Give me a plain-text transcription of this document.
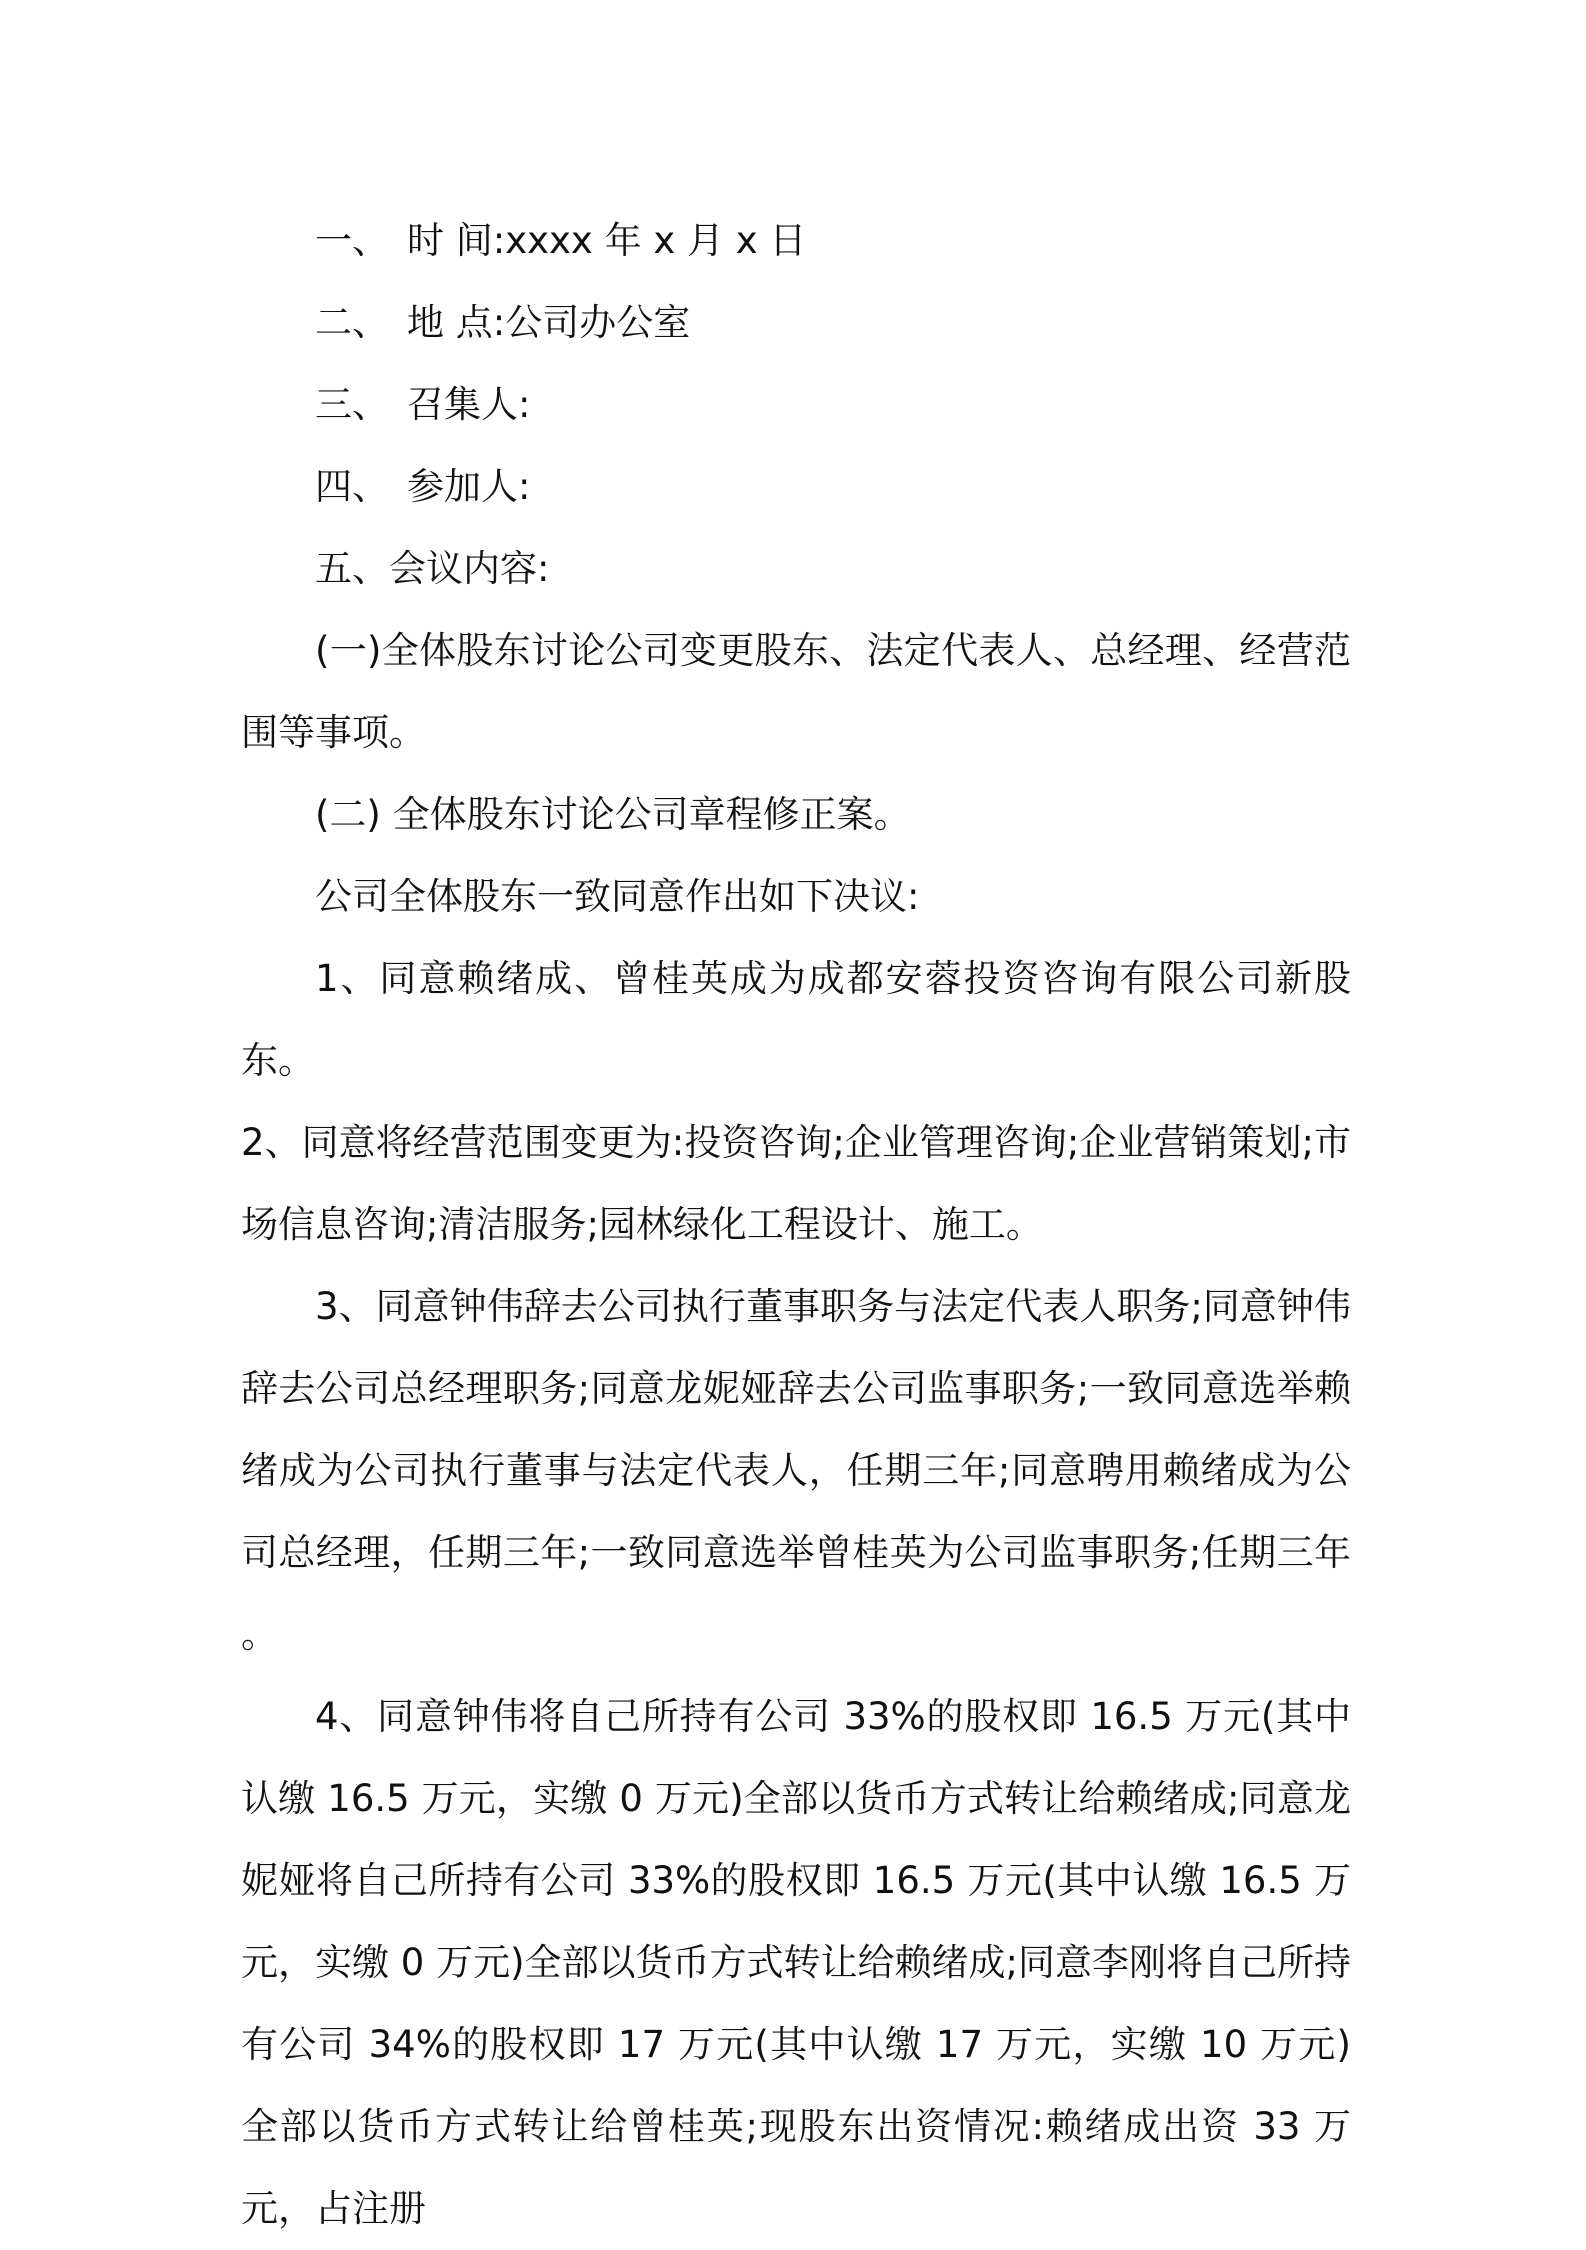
一、 时 间:xxxx 年 x 月 x 日

二、 地 点:公司办公室

三、 召集人:

四、 参加人:

五、会议内容:

(一)全体股东讨论公司变更股东、法定代表人、总经理、经营范围等事项。

(二) 全体股东讨论公司章程修正案。

公司全体股东一致同意作出如下决议:

1、同意赖绪成、曾桂英成为成都安蓉投资咨询有限公司新股东。

2、同意将经营范围变更为:投资咨询;企业管理咨询;企业营销策划;市场信息咨询;清洁服务;园林绿化工程设计、施工。

3、同意钟伟辞去公司执行董事职务与法定代表人职务;同意钟伟辞去公司总经理职务;同意龙妮娅辞去公司监事职务;一致同意选举赖绪成为公司执行董事与法定代表人，任期三年;同意聘用赖绪成为公司总经理，任期三年;一致同意选举曾桂英为公司监事职务;任期三年 。

4、同意钟伟将自己所持有公司 33%的股权即 16.5 万元(其中认缴 16.5 万元，实缴 0 万元)全部以货币方式转让给赖绪成;同意龙妮娅将自己所持有公司 33%的股权即 16.5 万元(其中认缴 16.5 万元，实缴 0 万元)全部以货币方式转让给赖绪成;同意李刚将自己所持有公司 34%的股权即 17 万元(其中认缴 17 万元，实缴 10 万元)全部以货币方式转让给曾桂英;现股东出资情况:赖绪成出资 33 万元，占注册
